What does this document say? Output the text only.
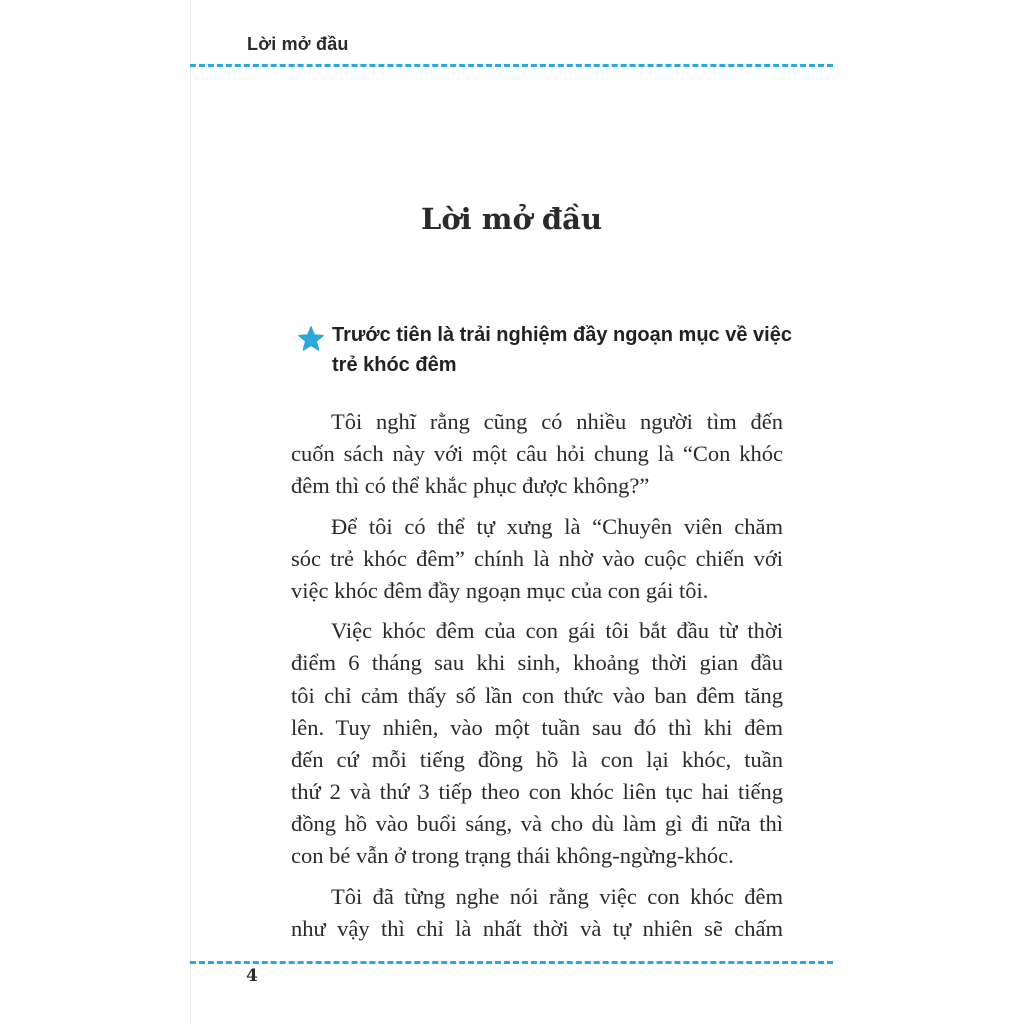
Lời mở đầu
Lời mở đầu
Trước tiên là trải nghiệm đầy ngoạn mục về việc
trẻ khóc đêm
Tôi nghĩ rằng cũng có nhiều người tìm đến
cuốn sách này với một câu hỏi chung là “Con khóc
đêm thì có thể khắc phục được không?”
Để tôi có thể tự xưng là “Chuyên viên chăm
sóc trẻ khóc đêm” chính là nhờ vào cuộc chiến với
việc khóc đêm đầy ngoạn mục của con gái tôi.
Việc khóc đêm của con gái tôi bắt đầu từ thời
điểm 6 tháng sau khi sinh, khoảng thời gian đầu
tôi chỉ cảm thấy số lần con thức vào ban đêm tăng
lên. Tuy nhiên, vào một tuần sau đó thì khi đêm
đến cứ mỗi tiếng đồng hồ là con lại khóc, tuần
thứ 2 và thứ 3 tiếp theo con khóc liên tục hai tiếng
đồng hồ vào buổi sáng, và cho dù làm gì đi nữa thì
con bé vẫn ở trong trạng thái không-ngừng-khóc.
Tôi đã từng nghe nói rằng việc con khóc đêm
như vậy thì chỉ là nhất thời và tự nhiên sẽ chấm
4
